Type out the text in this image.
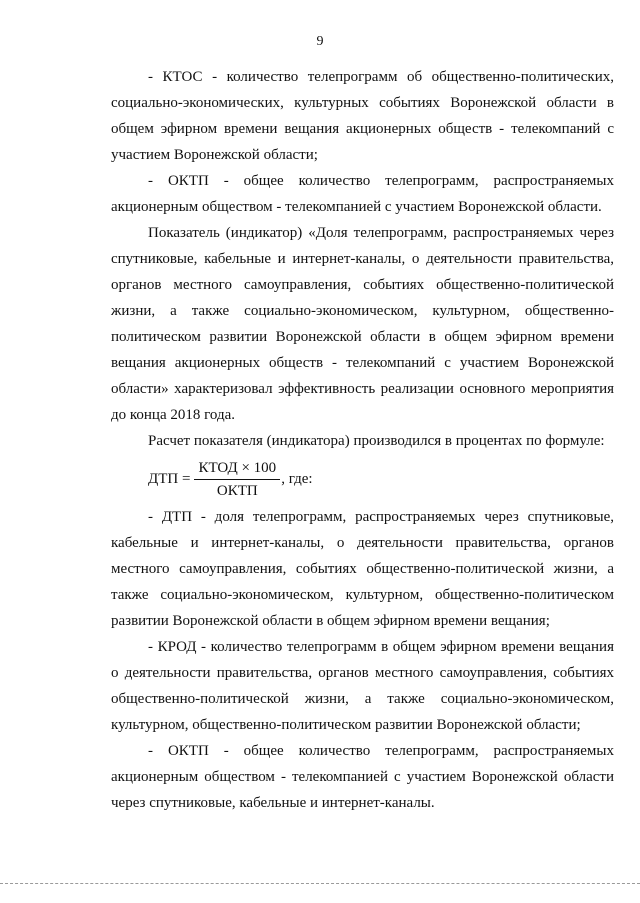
9

- КТОС - количество телепрограмм об общественно-политических, социально-экономических, культурных событиях Воронежской области в общем эфирном времени вещания акционерных обществ - телекомпаний с участием Воронежской области;

- ОКТП - общее количество телепрограмм, распространяемых акционерным обществом - телекомпанией с участием Воронежской области.

Показатель (индикатор) «Доля телепрограмм, распространяемых через спутниковые, кабельные и интернет-каналы, о деятельности правительства, органов местного самоуправления, событиях общественно-политической жизни, а также социально-экономическом, культурном, общественно-политическом развитии Воронежской области в общем эфирном времени вещания акционерных обществ - телекомпаний с участием Воронежской области» характеризовал эффективность реализации основного мероприятия до конца 2018 года.

Расчет показателя (индикатора) производился в процентах по формуле:

ДТП = $\frac{\text{КТОД × 100}}{\text{ОКТП}}$ , где:

- ДТП - доля телепрограмм, распространяемых через спутниковые, кабельные и интернет-каналы, о деятельности правительства, органов местного самоуправления, событиях общественно-политической жизни, а также социально-экономическом, культурном, общественно-политическом развитии Воронежской области в общем эфирном времени вещания;

- КРОД - количество телепрограмм в общем эфирном времени вещания о деятельности правительства, органов местного самоуправления, событиях общественно-политической жизни, а также социально-экономическом, культурном, общественно-политическом развитии Воронежской области;

- ОКТП - общее количество телепрограмм, распространяемых акционерным обществом - телекомпанией с участием Воронежской области через спутниковые, кабельные и интернет-каналы.
